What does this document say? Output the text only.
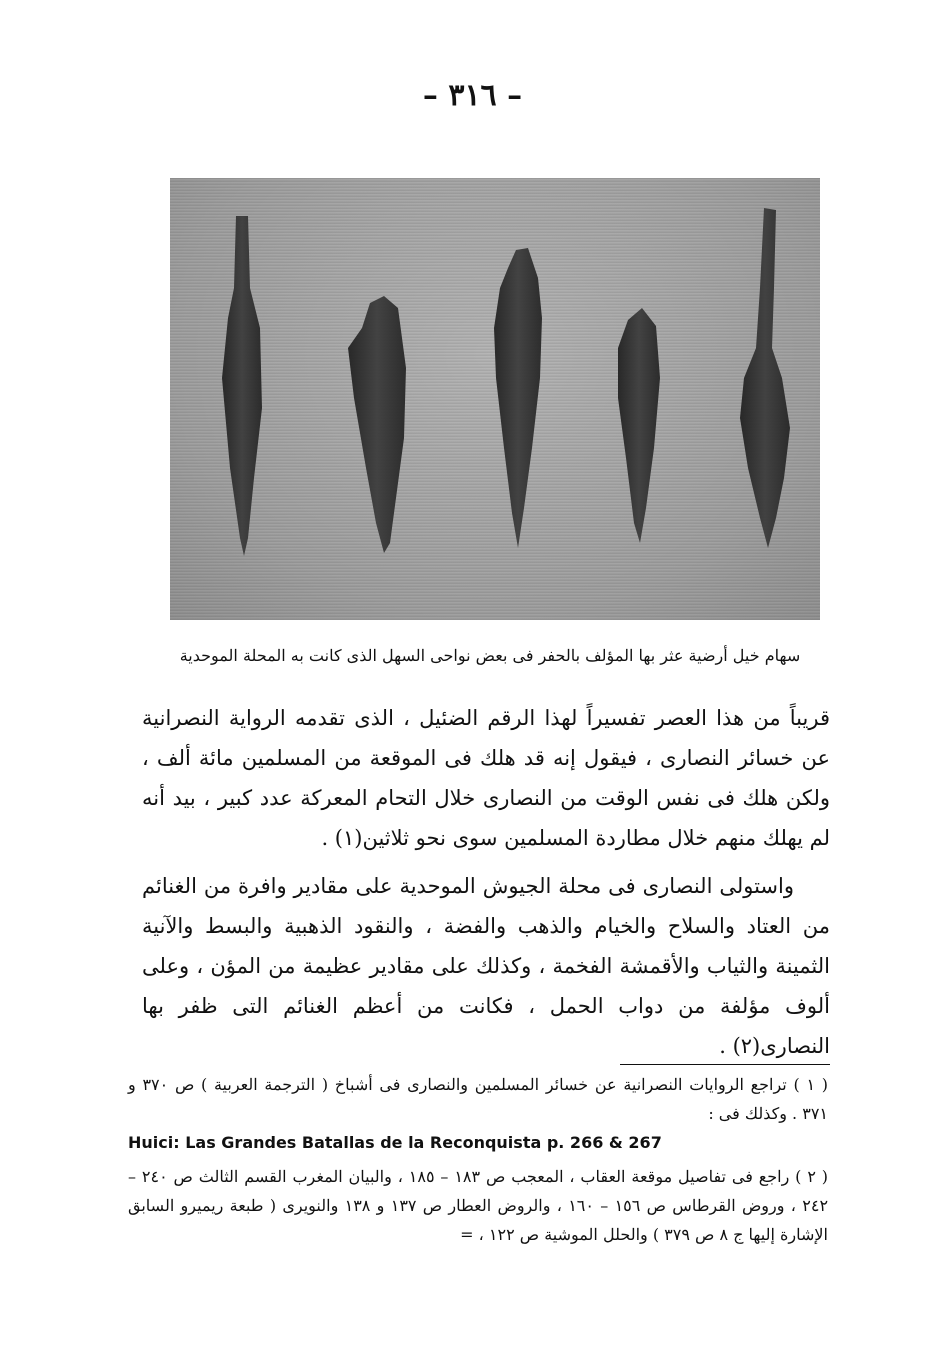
– ٣١٦ –
سهام خيل أرضية عثر بها المؤلف بالحفر فى بعض نواحى السهل الذى كانت به المحلة الموحدية

قريباً من هذا العصر تفسيراً لهذا الرقم الضئيل ، الذى تقدمه الرواية النصرانية عن خسائر النصارى ، فيقول إنه قد هلك فى الموقعة من المسلمين مائة ألف ، ولكن هلك فى نفس الوقت من النصارى خلال التحام المعركة عدد كبير ، بيد أنه لم يهلك منهم خلال مطاردة المسلمين سوى نحو ثلاثين(١) .

واستولى النصارى فى محلة الجيوش الموحدية على مقادير وافرة من الغنائم من العتاد والسلاح والخيام والذهب والفضة ، والنقود الذهبية والبسط والآنية الثمينة والثياب والأقمشة الفخمة ، وكذلك على مقادير عظيمة من المؤن ، وعلى ألوف مؤلفة من دواب الحمل ، فكانت من أعظم الغنائم التى ظفر بها النصارى(٢) .

( ١ ) تراجع الروايات النصرانية عن خسائر المسلمين والنصارى فى أشباخ ( الترجمة العربية ) ص ٣٧٠ و ٣٧١ . وكذلك فى :

Huici: Las Grandes Batallas de la Reconquista p. 266 & 267

( ٢ ) راجع فى تفاصيل موقعة العقاب ، المعجب ص ١٨٣ – ١٨٥ ، والبيان المغرب القسم الثالث ص ٢٤٠ – ٢٤٢ ، وروض القرطاس ص ١٥٦ – ١٦٠ ، والروض العطار ص ١٣٧ و ١٣٨ والنويرى ( طبعة ريميرو السابق الإشارة إليها ج ٨ ص ٣٧٩ ) والحلل الموشية ص ١٢٢ ، =
